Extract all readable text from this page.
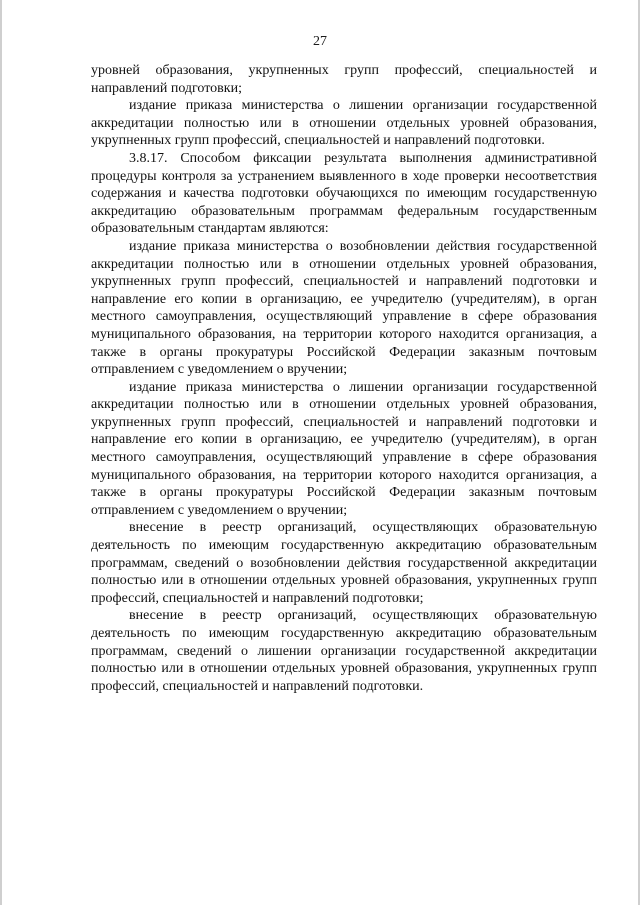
27

уровней образования, укрупненных групп профессий, специальностей и направлений подготовки;

издание приказа министерства о лишении организации государственной аккредитации полностью или в отношении отдельных уровней образования, укрупненных групп профессий, специальностей и направлений подготовки.

3.8.17. Способом фиксации результата выполнения административной процедуры контроля за устранением выявленного в ходе проверки несоответствия содержания и качества подготовки обучающихся по имеющим государственную аккредитацию образовательным программам федеральным государственным образовательным стандартам являются:

издание приказа министерства о возобновлении действия государственной аккредитации полностью или в отношении отдельных уровней образования, укрупненных групп профессий, специальностей и направлений подготовки и направление его копии в организацию, ее учредителю (учредителям), в орган местного самоуправления, осуществляющий управление в сфере образования муниципального образования, на территории которого находится организация, а также в органы прокуратуры Российской Федерации заказным почтовым отправлением с уведомлением о вручении;

издание приказа министерства о лишении организации государственной аккредитации полностью или в отношении отдельных уровней образования, укрупненных групп профессий, специальностей и направлений подготовки и направление его копии в организацию, ее учредителю (учредителям), в орган местного самоуправления, осуществляющий управление в сфере образования муниципального образования, на территории которого находится организация, а также в органы прокуратуры Российской Федерации заказным почтовым отправлением с уведомлением о вручении;

внесение в реестр организаций, осуществляющих образовательную деятельность по имеющим государственную аккредитацию образовательным программам, сведений о возобновлении действия государственной аккредитации полностью или в отношении отдельных уровней образования, укрупненных групп профессий, специальностей и направлений подготовки;

внесение в реестр организаций, осуществляющих образовательную деятельность по имеющим государственную аккредитацию образовательным программам, сведений о лишении организации государственной аккредитации полностью или в отношении отдельных уровней образования, укрупненных групп профессий, специальностей и направлений подготовки.
